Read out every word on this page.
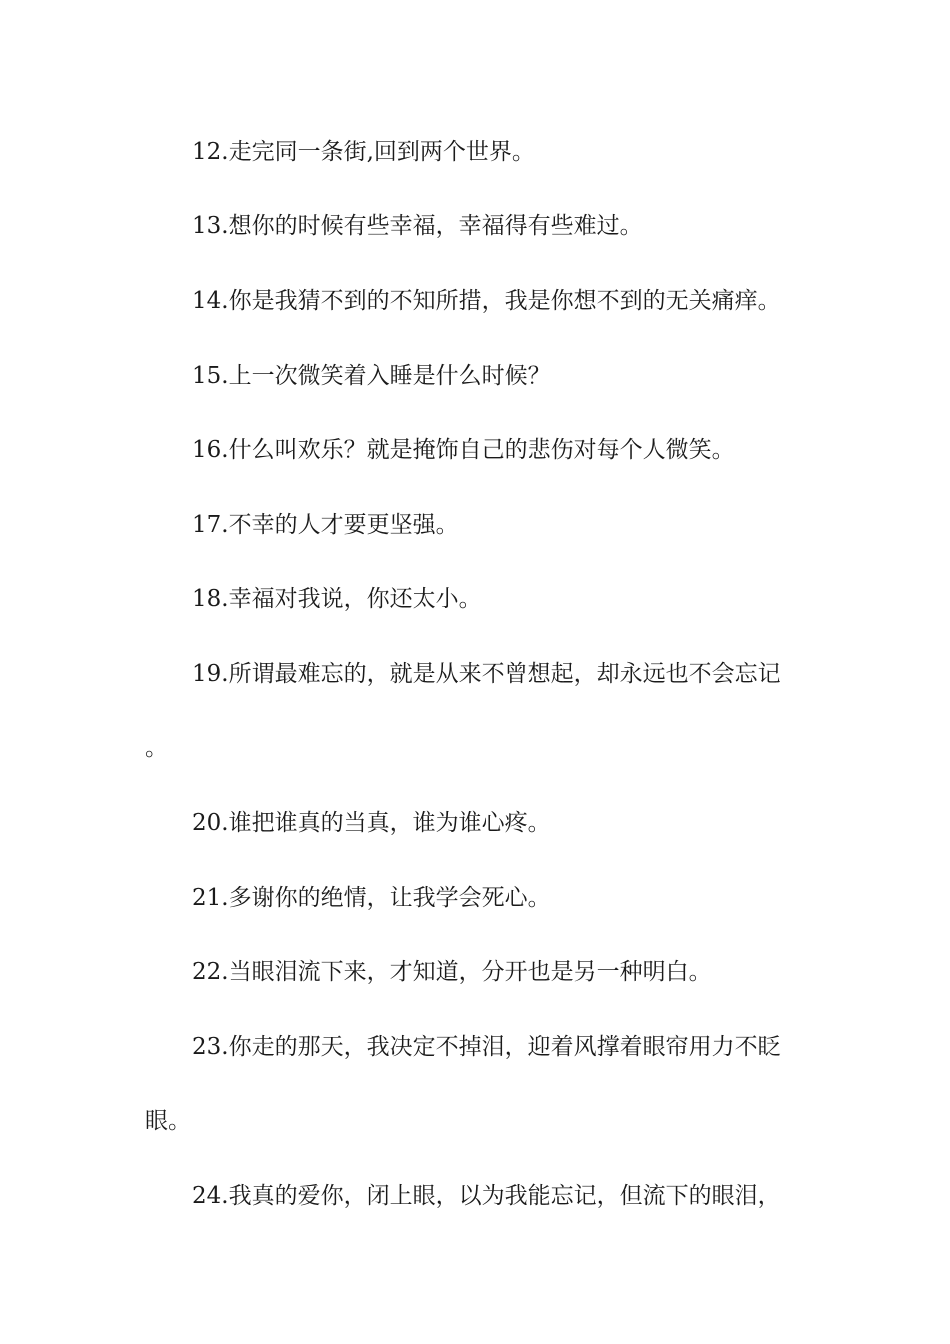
12.走完同一条街,回到两个世界。

13.想你的时候有些幸福，幸福得有些难过。

14.你是我猜不到的不知所措，我是你想不到的无关痛痒。

15.上一次微笑着入睡是什么时候？

16.什么叫欢乐？就是掩饰自己的悲伤对每个人微笑。

17.不幸的人才要更坚强。

18.幸福对我说，你还太小。

19.所谓最难忘的，就是从来不曾想起，却永远也不会忘记

。

20.谁把谁真的当真，谁为谁心疼。

21.多谢你的绝情，让我学会死心。

22.当眼泪流下来，才知道，分开也是另一种明白。

23.你走的那天，我决定不掉泪，迎着风撑着眼帘用力不眨

眼。

24.我真的爱你，闭上眼，以为我能忘记，但流下的眼泪，
